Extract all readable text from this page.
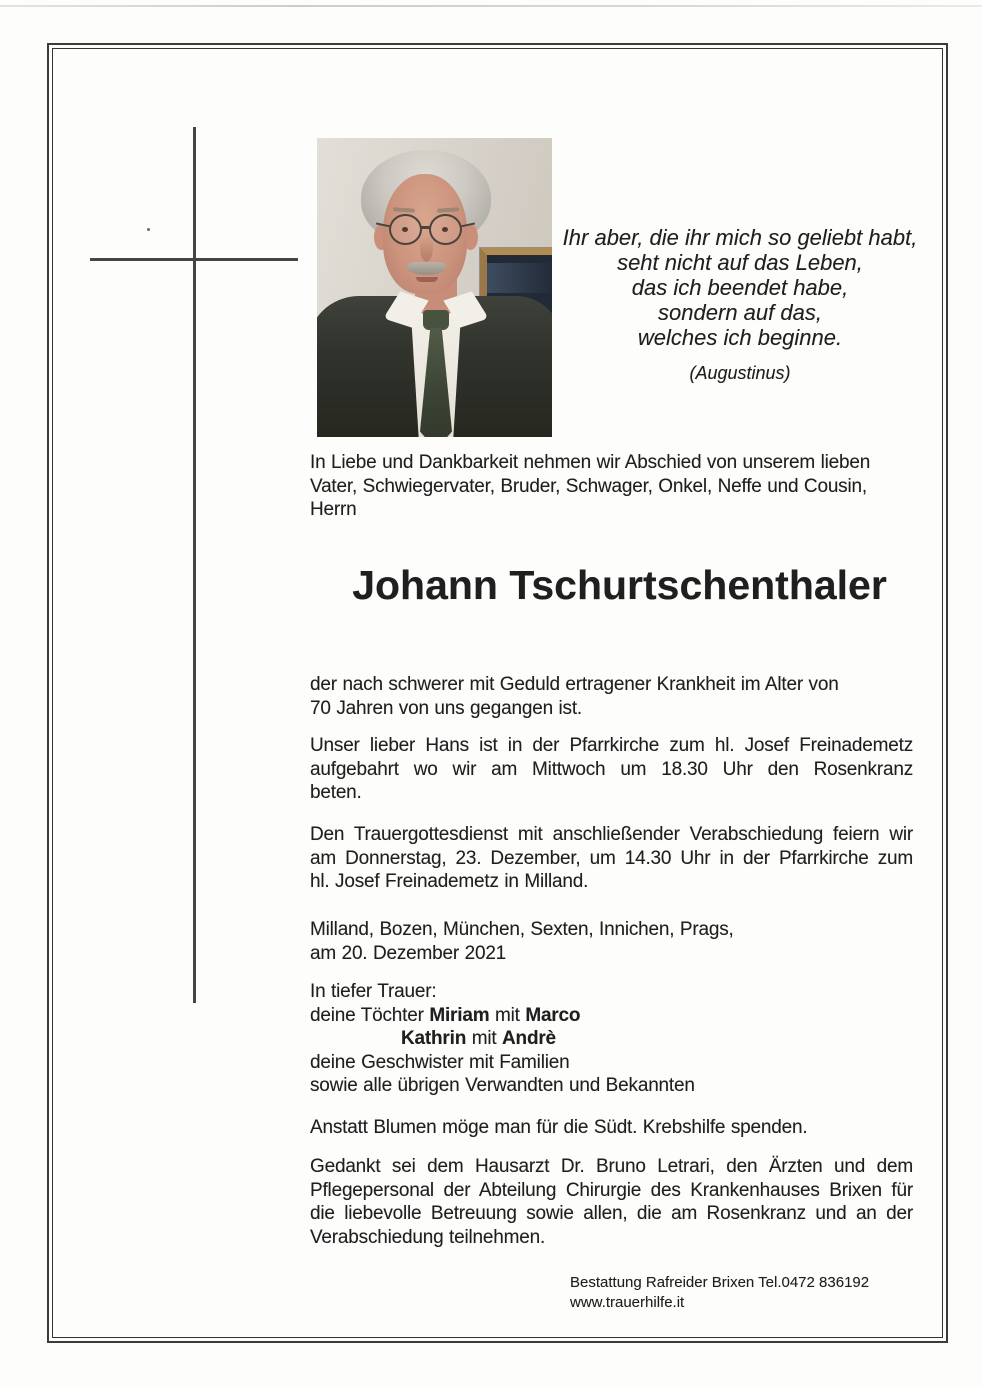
Ihr aber, die ihr mich so geliebt habt,
seht nicht auf das Leben,
das ich beendet habe,
sondern auf das,
welches ich beginne.
(Augustinus)
In Liebe und Dankbarkeit nehmen wir Abschied von unserem lieben
Vater, Schwiegervater, Bruder, Schwager, Onkel, Neffe und Cousin,
Herrn
Johann Tschurtschenthaler
der nach schwerer mit Geduld ertragener Krankheit im Alter von
70 Jahren von uns gegangen ist.
Unser lieber Hans ist in der Pfarrkirche zum hl. Josef Freinademetz
aufgebahrt wo wir am Mittwoch um 18.30 Uhr den Rosenkranz
beten.
Den Trauergottesdienst mit anschließender Verabschiedung feiern wir
am Donnerstag, 23. Dezember, um 14.30 Uhr in der Pfarrkirche zum
hl. Josef Freinademetz in Milland.
Milland, Bozen, München, Sexten, Innichen, Prags,
am 20. Dezember 2021
In tiefer Trauer:
deine Töchter Miriam mit Marco
Kathrin mit Andrè
deine Geschwister mit Familien
sowie alle übrigen Verwandten und Bekannten
Anstatt Blumen möge man für die Südt. Krebshilfe spenden.
Gedankt sei dem Hausarzt Dr. Bruno Letrari, den Ärzten und dem
Pflegepersonal der Abteilung Chirurgie des Krankenhauses Brixen für
die liebevolle Betreuung sowie allen, die am Rosenkranz und an der
Verabschiedung teilnehmen.
Bestattung Rafreider Brixen Tel.0472 836192
www.trauerhilfe.it
